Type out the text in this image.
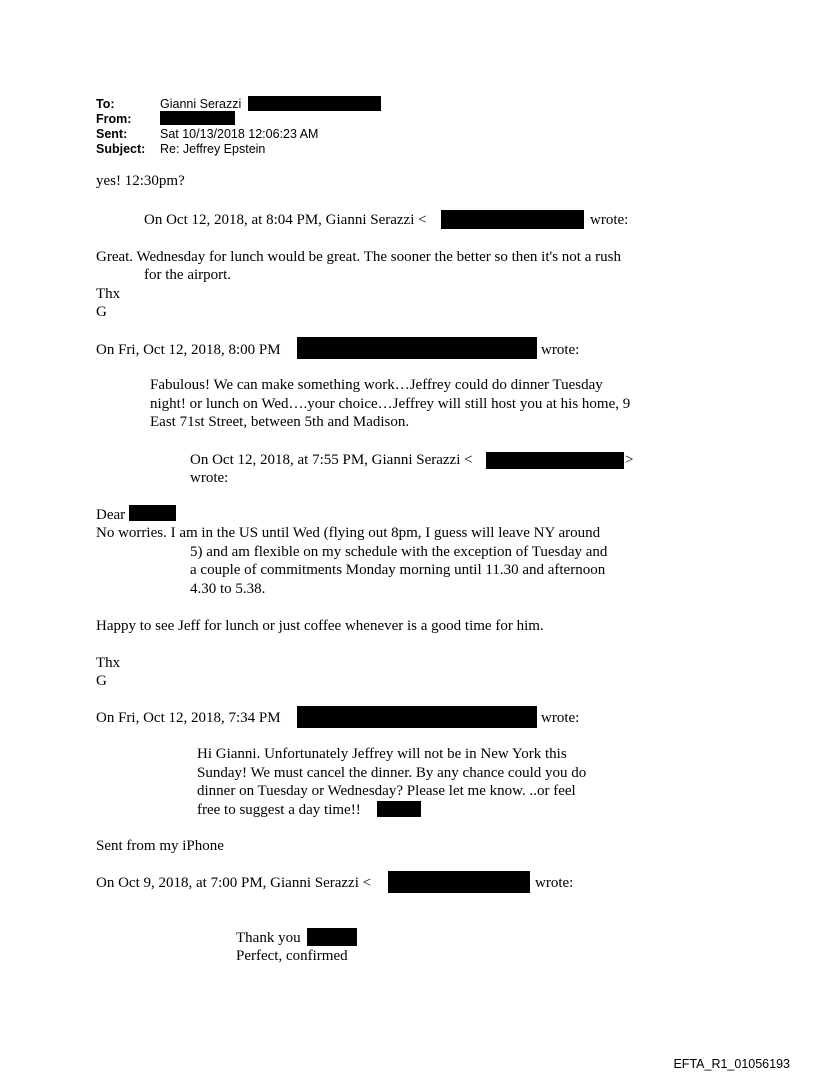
To:	Gianni Serazzi
From:
Sent:	Sat 10/13/2018 12:06:23 AM
Subject: Re: Jeffrey Epstein
yes! 12:30pm?
On Oct 12, 2018, at 8:04 PM, Gianni Serazzi <	wrote:
Great. Wednesday for lunch would be great. The sooner the better so then it's not a rush
for the airport.
Thx
G
On Fri, Oct 12, 2018, 8:00 PM	wrote:
Fabulous! We can make something work…Jeffrey could do dinner Tuesday
night! or lunch on Wed….your choice…Jeffrey will still host you at his home, 9
East 71st Street, between 5th and Madison.
On Oct 12, 2018, at 7:55 PM, Gianni Serazzi <	>
wrote:
Dear
No worries. I am in the US until Wed (flying out 8pm, I guess will leave NY around
5) and am flexible on my schedule with the exception of Tuesday and
a couple of commitments Monday morning until 11.30 and afternoon
4.30 to 5.38.
Happy to see Jeff for lunch or just coffee whenever is a good time for him.
Thx
G
On Fri, Oct 12, 2018, 7:34 PM	wrote:
Hi Gianni. Unfortunately Jeffrey will not be in New York this
Sunday! We must cancel the dinner. By any chance could you do
dinner on Tuesday or Wednesday? Please let me know. ..or feel
free to suggest a day time!!
Sent from my iPhone
On Oct 9, 2018, at 7:00 PM, Gianni Serazzi <	wrote:
Thank you
Perfect, confirmed
EFTA_R1_01056193
